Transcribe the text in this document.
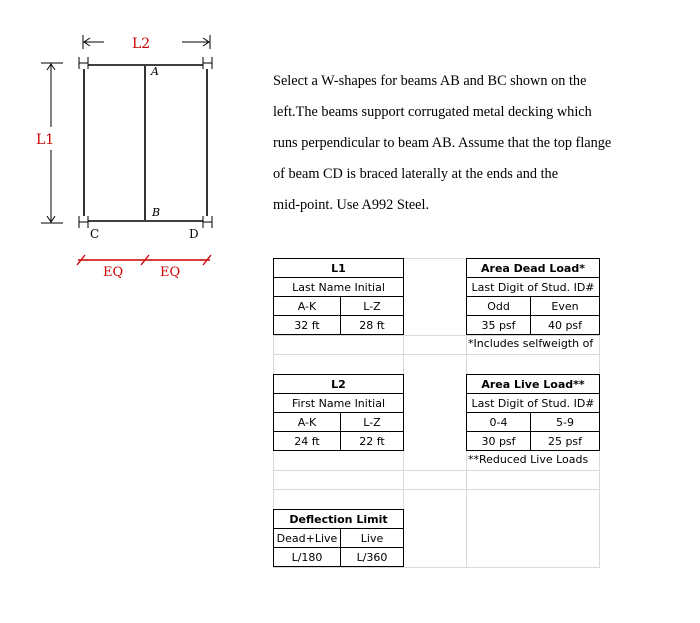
L2
L1
A
B
C	D
EQ	EQ

Select a W-shapes for beams AB and BC shown on the

left.The beams support corrugated metal decking which

runs perpendicular to beam AB. Assume that the top flange

of beam CD is braced laterally at the ends and the

mid-point. Use A992 Steel.

L1	
Last Name Initial	
A-K	L-Z
32 ft	28 ft
Area Dead Load*	
Last Digit of Stud. ID#	
Odd	Even
35 psf	40 psf
*Includes selfweigth of
L2	
First Name Initial	
A-K	L-Z
24 ft	22 ft
Area Live Load**	
Last Digit of Stud. ID#	
0-4	5-9
30 psf	25 psf
**Reduced Live Loads
Deflection Limit	
Dead+Live	Live
L/180	L/360
